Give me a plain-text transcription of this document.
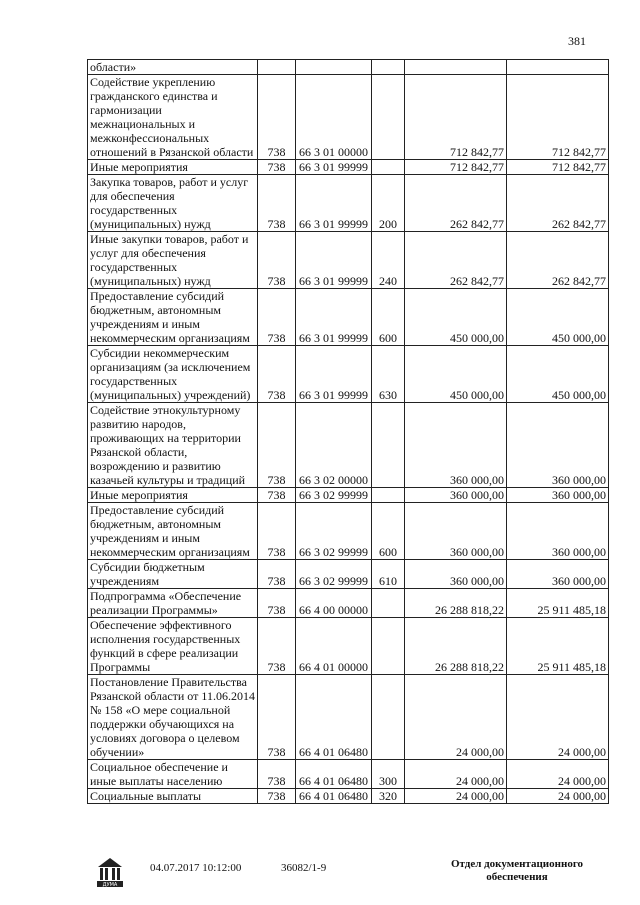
381
области»					
Содействие укреплению гражданского единства и гармонизации межнациональных и межконфессиональных отношений в Рязанской области	738	66 3 01 00000		712 842,77	712 842,77
Иные мероприятия	738	66 3 01 99999		712 842,77	712 842,77
Закупка товаров, работ и услуг для обеспечения государственных (муниципальных) нужд	738	66 3 01 99999	200	262 842,77	262 842,77
Иные закупки товаров, работ и услуг для обеспечения государственных (муниципальных) нужд	738	66 3 01 99999	240	262 842,77	262 842,77
Предоставление субсидий бюджетным, автономным учреждениям и иным некоммерческим организациям	738	66 3 01 99999	600	450 000,00	450 000,00
Субсидии некоммерческим организациям (за исключением государственных (муниципальных) учреждений)	738	66 3 01 99999	630	450 000,00	450 000,00
Содействие этнокультурному развитию народов, проживающих на территории Рязанской области, возрождению и развитию казачьей культуры и традиций	738	66 3 02 00000		360 000,00	360 000,00
Иные мероприятия	738	66 3 02 99999		360 000,00	360 000,00
Предоставление субсидий бюджетным, автономным учреждениям и иным некоммерческим организациям	738	66 3 02 99999	600	360 000,00	360 000,00
Субсидии бюджетным учреждениям	738	66 3 02 99999	610	360 000,00	360 000,00
Подпрограмма «Обеспечение реализации Программы»	738	66 4 00 00000		26 288 818,22	25 911 485,18
Обеспечение эффективного исполнения государственных функций в сфере реализации Программы	738	66 4 01 00000		26 288 818,22	25 911 485,18
Постановление Правительства Рязанской области от 11.06.2014 № 158 «О мере социальной поддержки обучающихся на условиях договора о целевом обучении»	738	66 4 01 06480		24 000,00	24 000,00
Социальное обеспечение и иные выплаты населению	738	66 4 01 06480	300	24 000,00	24 000,00
Социальные выплаты	738	66 4 01 06480	320	24 000,00	24 000,00
ДУМА
04.07.2017 10:12:00	36082/1-9	Отдел документационного обеспечения
